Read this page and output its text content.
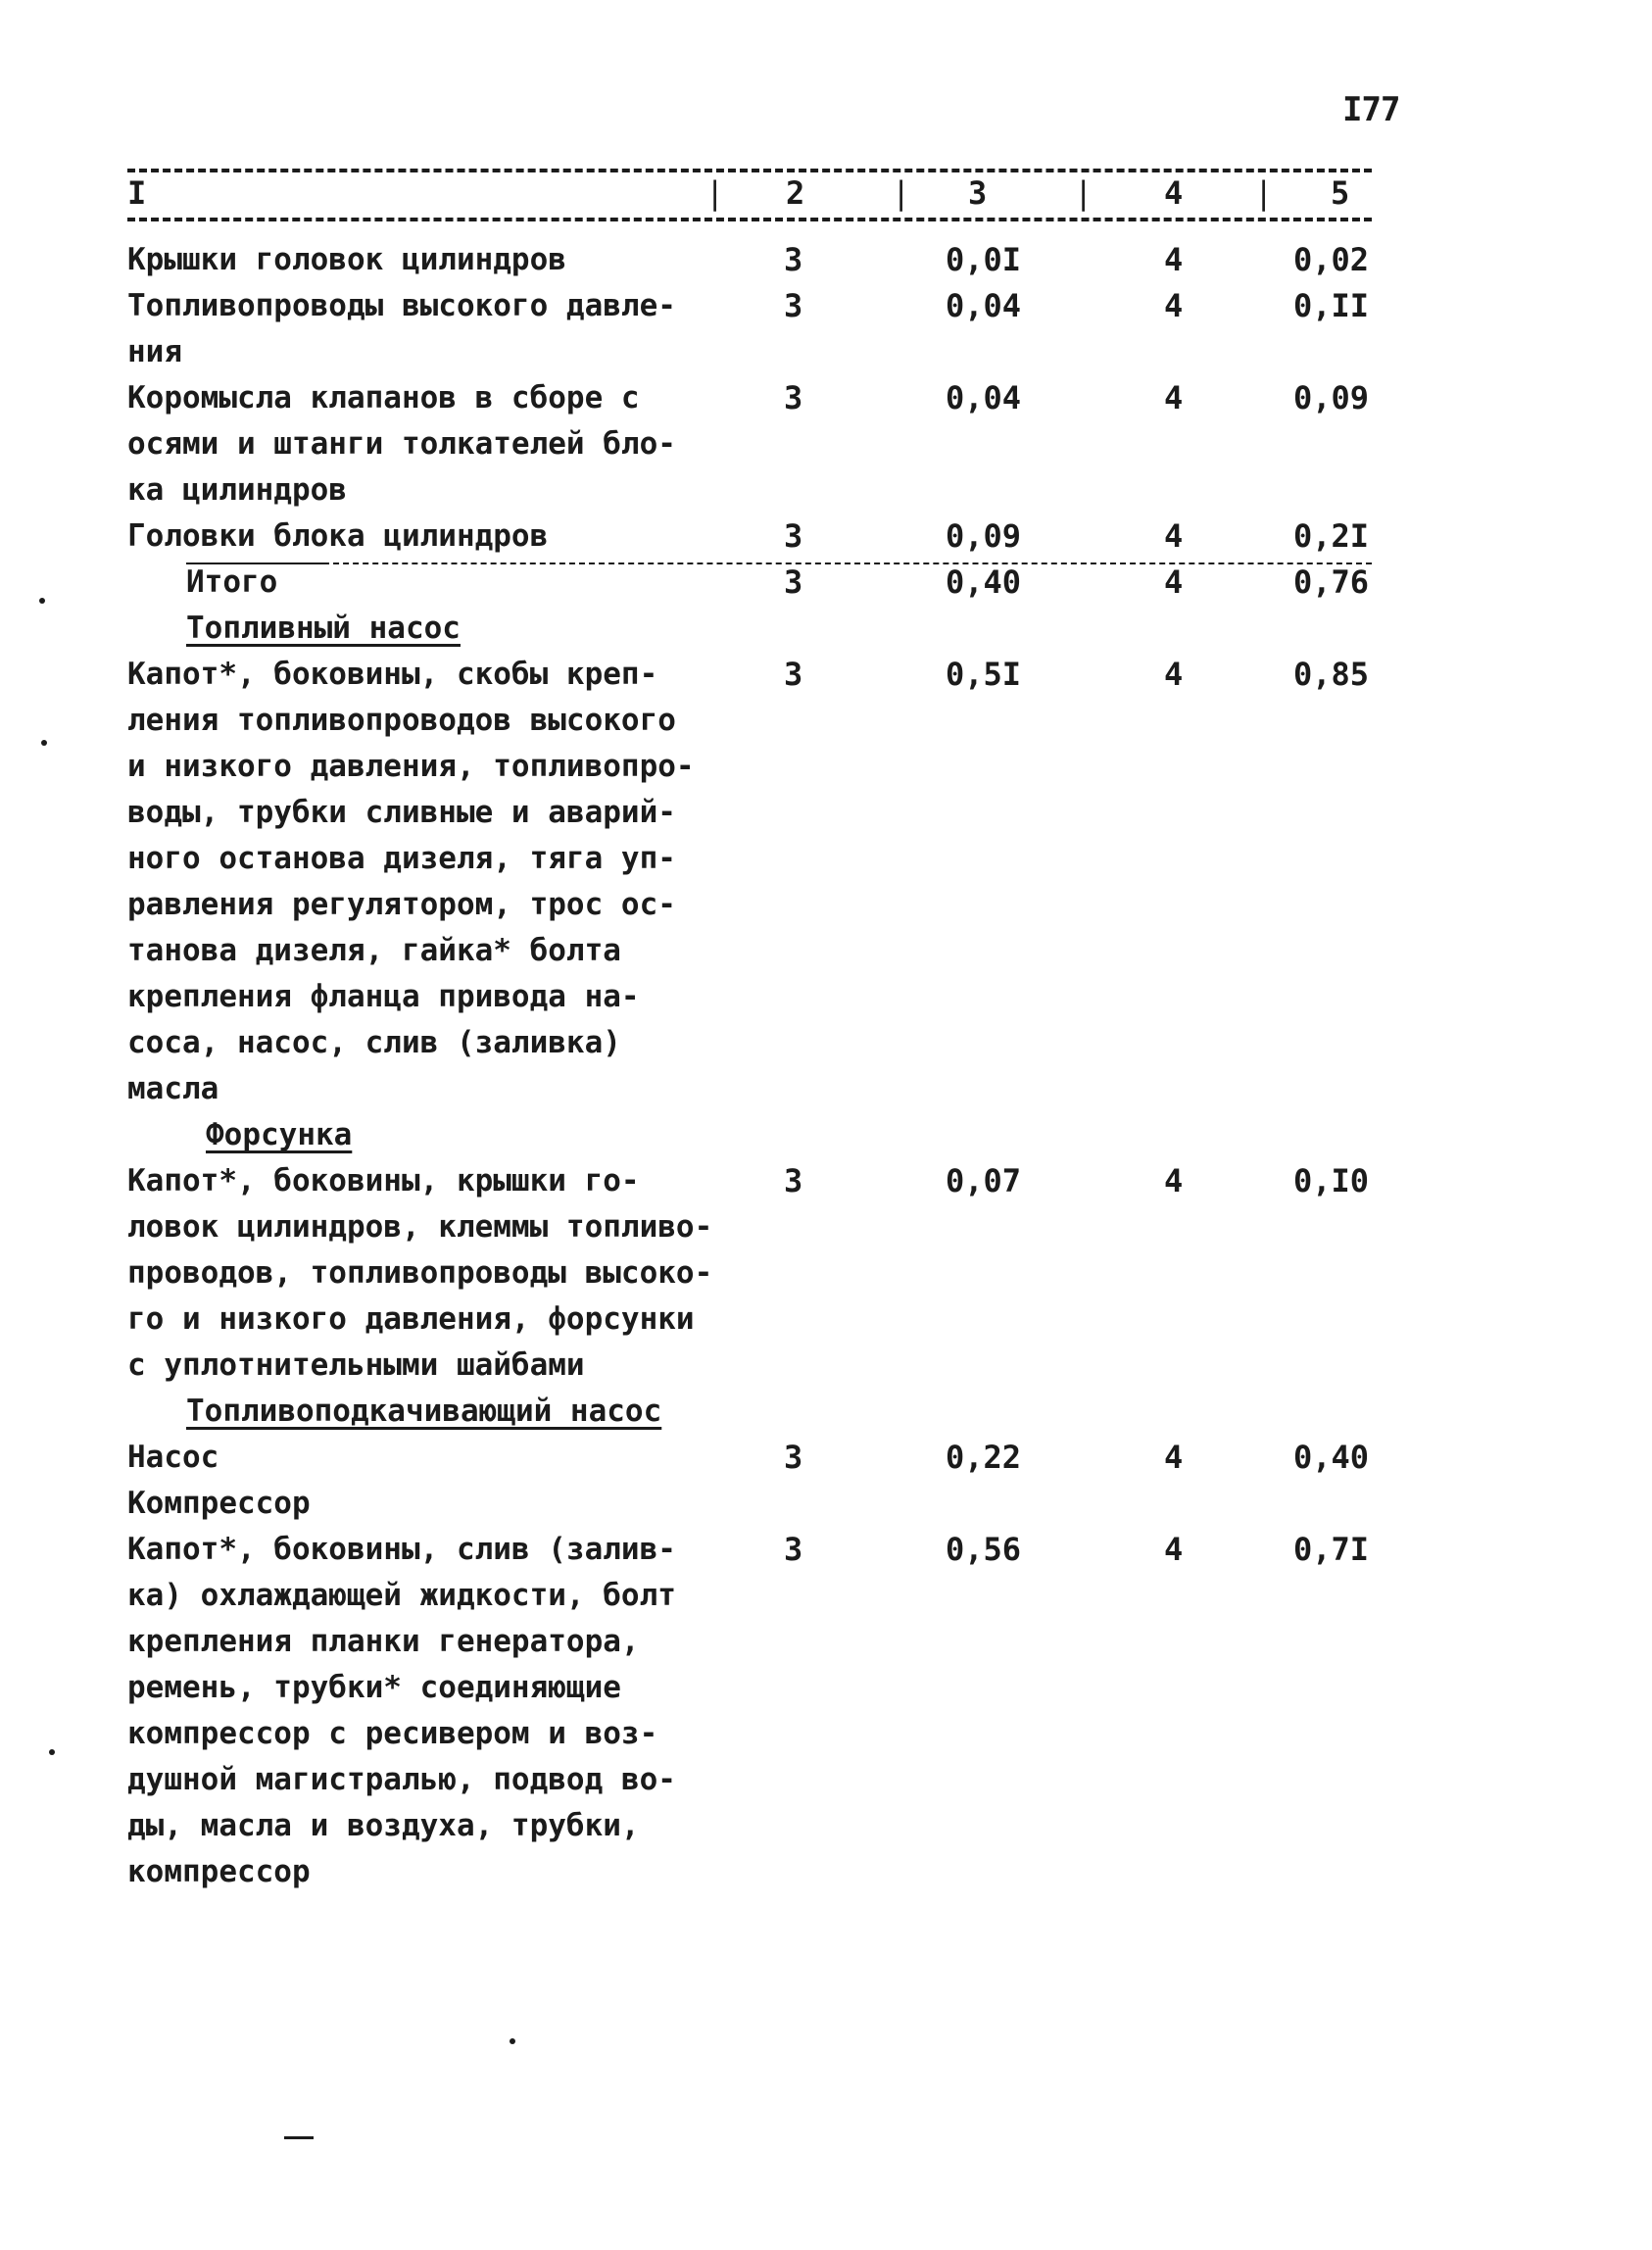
I77
I	| 2	| 3	| 4 | 5
Крышки головок цилиндров	3	0,0I	4	0,02
Топливопроводы высокого давле-
ния
3	0,04	4	0,II
Коромысла клапанов в сборе с
осями и штанги толкателей бло-
ка цилиндров
3	0,04	4	0,09
Головки блока цилиндров	3	0,09	4	0,2I
Итого	3	0,40	4	0,76
Топливный насос
Капот*, боковины, скобы креп-
ления топливопроводов высокого
и низкого давления, топливопро-
воды, трубки сливные и аварий-
ного останова дизеля, тяга уп-
равления регулятором, трос ос-
танова дизеля, гайка* болта
крепления фланца привода на-
соса, насос, слив (заливка)
масла
3	0,5I	4	0,85
Форсунка
Капот*, боковины, крышки го-
ловок цилиндров, клеммы топливо-
проводов, топливопроводы высоко-
го и низкого давления, форсунки
с уплотнительными шайбами
3	0,07	4	0,I0
Топливоподкачивающий насос
Насос	3	0,22	4	0,40
Компрессор
Капот*, боковины, слив (залив-
ка) охлаждающей жидкости, болт
крепления планки генератора,
ремень, трубки* соединяющие
компрессор с ресивером и воз-
душной магистралью, подвод во-
ды, масла и воздуха, трубки,
компрессор
3	0,56	4	0,7I
